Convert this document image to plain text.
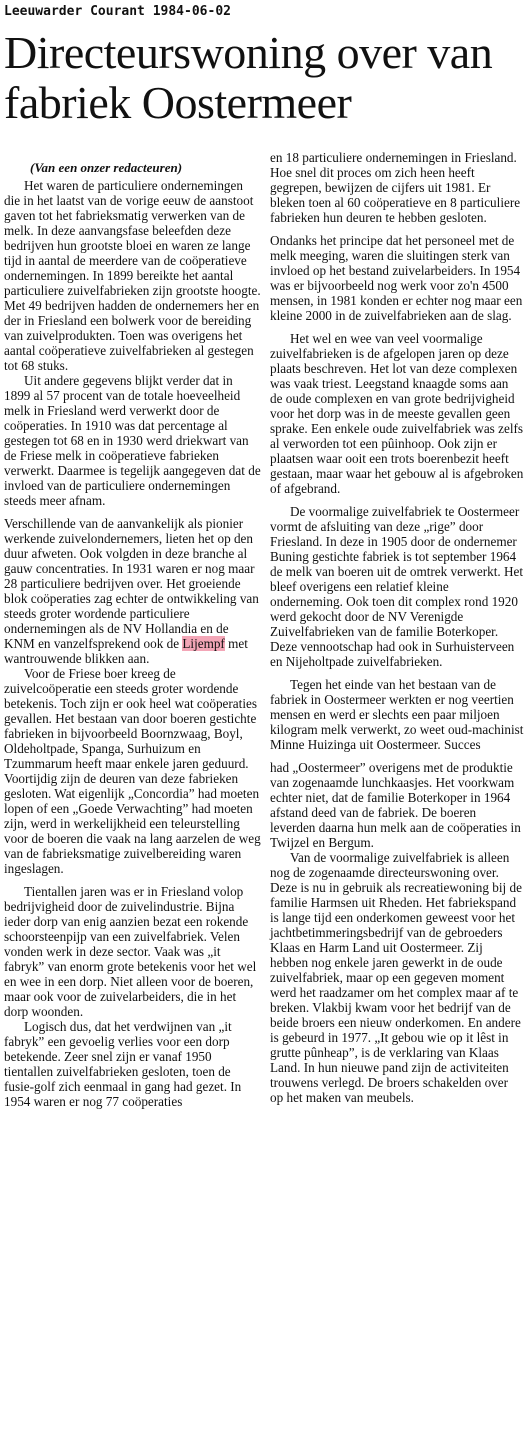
Leeuwarder Courant 1984-06-02
Directeurswoning over van fabriek Oostermeer
(Van een onzer redacteuren)

Het waren de particuliere ondernemingen die in het laatst van de vorige eeuw de aanstoot gaven tot het fabrieksmatig verwerken van de melk. In deze aanvangsfase beleefden deze bedrijven hun grootste bloei en waren ze lange tijd in aantal de meerdere van de coöperatieve ondernemingen. In 1899 bereikte het aantal particuliere zuivelfabrieken zijn grootste hoogte. Met 49 bedrijven hadden de ondernemers her en der in Friesland een bolwerk voor de bereiding van zuivelprodukten. Toen was overigens het aantal coöperatieve zuivelfabrieken al gestegen tot 68 stuks.

Uit andere gegevens blijkt verder dat in 1899 al 57 procent van de totale hoeveelheid melk in Friesland werd verwerkt door de coöperaties. In 1910 was dat percentage al gestegen tot 68 en in 1930 werd driekwart van de Friese melk in coöperatieve fabrieken verwerkt. Daarmee is tegelijk aangegeven dat de invloed van de particuliere ondernemingen steeds meer afnam.

Verschillende van de aanvankelijk als pionier werkende zuivelondernemers, lieten het op den duur afweten. Ook volgden in deze branche al gauw concentraties. In 1931 waren er nog maar 28 particuliere bedrijven over. Het groeiende blok coöperaties zag echter de ontwikkeling van steeds groter wordende particuliere ondernemingen als de NV Hollandia en de KNM en vanzelfsprekend ook de Lijempf met wantrouwende blikken aan.

Voor de Friese boer kreeg de zuivelcoöperatie een steeds groter wordende betekenis. Toch zijn er ook heel wat coöperaties gevallen. Het bestaan van door boeren gestichte fabrieken in bijvoorbeeld Boornzwaag, Boyl, Oldeholtpade, Spanga, Surhuizum en Tzummarum heeft maar enkele jaren geduurd. Voortijdig zijn de deuren van deze fabrieken gesloten. Wat eigenlijk „Concordia” had moeten lopen of een „Goede Verwachting” had moeten zijn, werd in werkelijkheid een teleurstelling voor de boeren die vaak na lang aarzelen de weg van de fabrieksmatige zuivelbereiding waren ingeslagen.

Tientallen jaren was er in Friesland volop bedrijvigheid door de zuivelindustrie. Bijna ieder dorp van enig aanzien bezat een rokende schoorsteenpijp van een zuivelfabriek. Velen vonden werk in deze sector. Vaak was „it fabryk” van enorm grote betekenis voor het wel en wee in een dorp. Niet alleen voor de boeren, maar ook voor de zuivelarbeiders, die in het dorp woonden.

Logisch dus, dat het verdwijnen van „it fabryk” een gevoelig verlies voor een dorp betekende. Zeer snel zijn er vanaf 1950 tientallen zuivelfabrieken gesloten, toen de fusie-golf zich eenmaal in gang had gezet. In 1954 waren er nog 77 coöperaties

en 18 particuliere ondernemingen in Friesland. Hoe snel dit proces om zich heen heeft gegrepen, bewijzen de cijfers uit 1981. Er bleken toen al 60 coöperatieve en 8 particuliere fabrieken hun deuren te hebben gesloten.

Ondanks het principe dat het personeel met de melk meeging, waren die sluitingen sterk van invloed op het bestand zuivelarbeiders. In 1954 was er bijvoorbeeld nog werk voor zo'n 4500 mensen, in 1981 konden er echter nog maar een kleine 2000 in de zuivelfabrieken aan de slag.

Het wel en wee van veel voormalige zuivelfabrieken is de afgelopen jaren op deze plaats beschreven. Het lot van deze complexen was vaak triest. Leegstand knaagde soms aan de oude complexen en van grote bedrijvigheid voor het dorp was in de meeste gevallen geen sprake. Een enkele oude zuivelfabriek was zelfs al verworden tot een pûinhoop. Ook zijn er plaatsen waar ooit een trots boerenbezit heeft gestaan, maar waar het gebouw al is afgebroken of afgebrand.

De voormalige zuivelfabriek te Oostermeer vormt de afsluiting van deze „rige” door Friesland. In deze in 1905 door de ondernemer Buning gestichte fabriek is tot september 1964 de melk van boeren uit de omtrek verwerkt. Het bleef overigens een relatief kleine onderneming. Ook toen dit complex rond 1920 werd gekocht door de NV Verenigde Zuivelfabrieken van de familie Boterkoper. Deze vennootschap had ook in Surhuisterveen en Nijeholtpade zuivelfabrieken.

Tegen het einde van het bestaan van de fabriek in Oostermeer werkten er nog veertien mensen en werd er slechts een paar miljoen kilogram melk verwerkt, zo weet oud-machinist Minne Huizinga uit Oostermeer. Succes

had „Oostermeer” overigens met de produktie van zogenaamde lunchkaasjes. Het voorkwam echter niet, dat de familie Boterkoper in 1964 afstand deed van de fabriek. De boeren leverden daarna hun melk aan de coöperaties in Twijzel en Bergum.

Van de voormalige zuivelfabriek is alleen nog de zogenaamde directeurswoning over. Deze is nu in gebruik als recreatiewoning bij de familie Harmsen uit Rheden. Het fabriekspand is lange tijd een onderkomen geweest voor het jachtbetimmeringsbedrijf van de gebroeders Klaas en Harm Land uit Oostermeer. Zij hebben nog enkele jaren gewerkt in de oude zuivelfabriek, maar op een gegeven moment werd het raadzamer om het complex maar af te breken. Vlakbij kwam voor het bedrijf van de beide broers een nieuw onderkomen. En andere is gebeurd in 1977. „It gebou wie op it lêst in grutte pûnheap”, is de verklaring van Klaas Land. In hun nieuwe pand zijn de activiteiten trouwens verlegd. De broers schakelden over op het maken van meubels.
